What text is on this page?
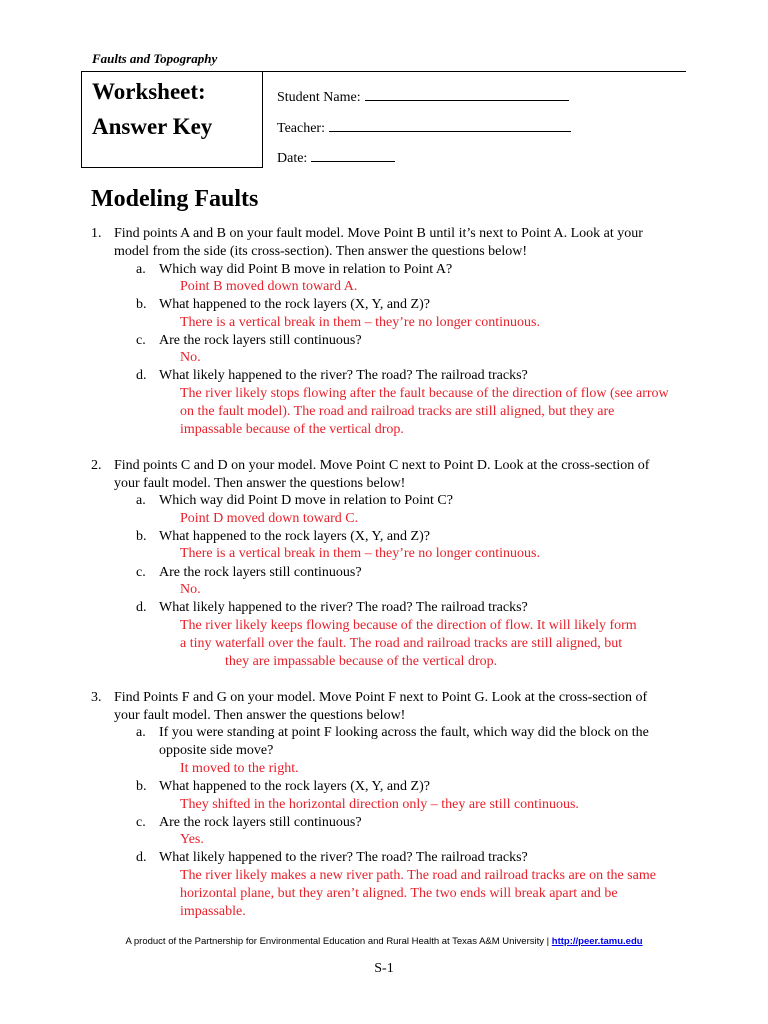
Faults and Topography
Worksheet:
Answer Key
Student Name:
Teacher:
Date:
Modeling Faults
1. Find points A and B on your fault model. Move Point B until it’s next to Point A. Look at your model from the side (its cross-section). Then answer the questions below!
a. Which way did Point B move in relation to Point A?
Point B moved down toward A.
b. What happened to the rock layers (X, Y, and Z)?
There is a vertical break in them – they’re no longer continuous.
c. Are the rock layers still continuous?
No.
d. What likely happened to the river? The road? The railroad tracks?
The river likely stops flowing after the fault because of the direction of flow (see arrow on the fault model). The road and railroad tracks are still aligned, but they are impassable because of the vertical drop.
2. Find points C and D on your model. Move Point C next to Point D. Look at the cross-section of your fault model. Then answer the questions below!
a. Which way did Point D move in relation to Point C?
Point D moved down toward C.
b. What happened to the rock layers (X, Y, and Z)?
There is a vertical break in them – they’re no longer continuous.
c. Are the rock layers still continuous?
No.
d. What likely happened to the river? The road? The railroad tracks?
The river likely keeps flowing because of the direction of flow. It will likely form
a tiny waterfall over the fault. The road and railroad tracks are still aligned, but
they are impassable because of the vertical drop.
3. Find Points F and G on your model. Move Point F next to Point G. Look at the cross-section of your fault model. Then answer the questions below!
a. If you were standing at point F looking across the fault, which way did the block on the opposite side move?
It moved to the right.
b. What happened to the rock layers (X, Y, and Z)?
They shifted in the horizontal direction only – they are still continuous.
c. Are the rock layers still continuous?
Yes.
d. What likely happened to the river? The road? The railroad tracks?
The river likely makes a new river path. The road and railroad tracks are on the same horizontal plane, but they aren’t aligned. The two ends will break apart and be impassable.
A product of the Partnership for Environmental Education and Rural Health at Texas A&M University | http://peer.tamu.edu
S-1
